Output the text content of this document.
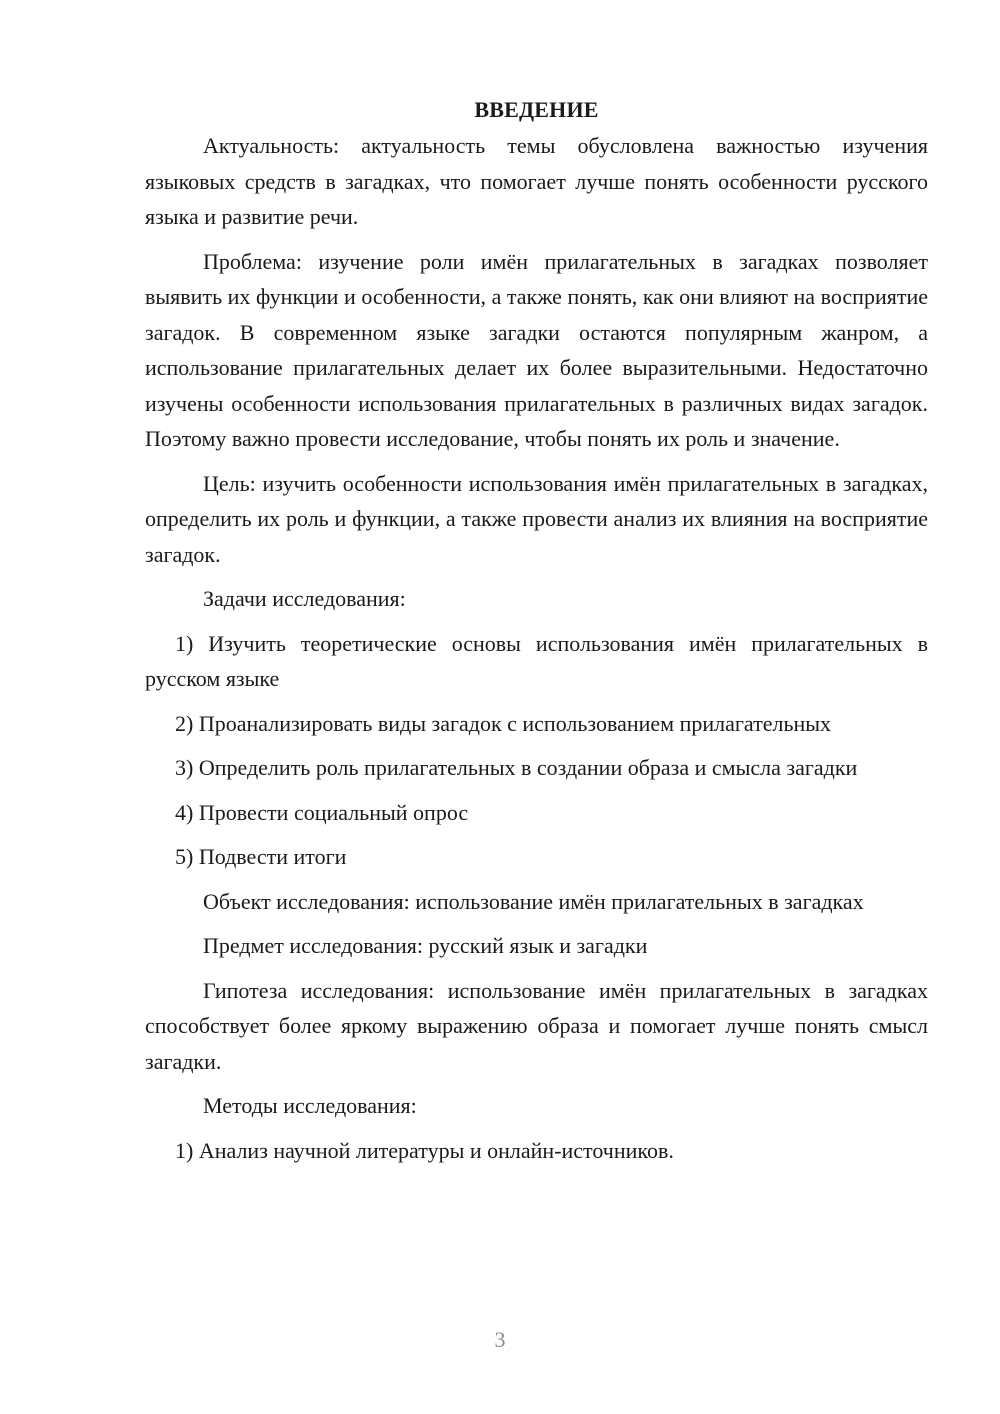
ВВЕДЕНИЕ

Актуальность: актуальность темы обусловлена важностью изучения языковых средств в загадках, что помогает лучше понять особенности русского языка и развитие речи.

Проблема: изучение роли имён прилагательных в загадках позволяет выявить их функции и особенности, а также понять, как они влияют на восприятие загадок. В современном языке загадки остаются популярным жанром, а использование прилагательных делает их более выразительными. Недостаточно изучены особенности использования прилагательных в различных видах загадок. Поэтому важно провести исследование, чтобы понять их роль и значение.

Цель: изучить особенности использования имён прилагательных в загадках, определить их роль и функции, а также провести анализ их влияния на восприятие загадок.

Задачи исследования:

1) Изучить теоретические основы использования имён прилагательных в русском языке

2) Проанализировать виды загадок с использованием прилагательных

3) Определить роль прилагательных в создании образа и смысла загадки

4) Провести социальный опрос

5) Подвести итоги

Объект исследования: использование имён прилагательных в загадках

Предмет исследования: русский язык и загадки

Гипотеза исследования: использование имён прилагательных в загадках способствует более яркому выражению образа и помогает лучше понять смысл загадки.

Методы исследования:

1) Анализ научной литературы и онлайн-источников.

3
